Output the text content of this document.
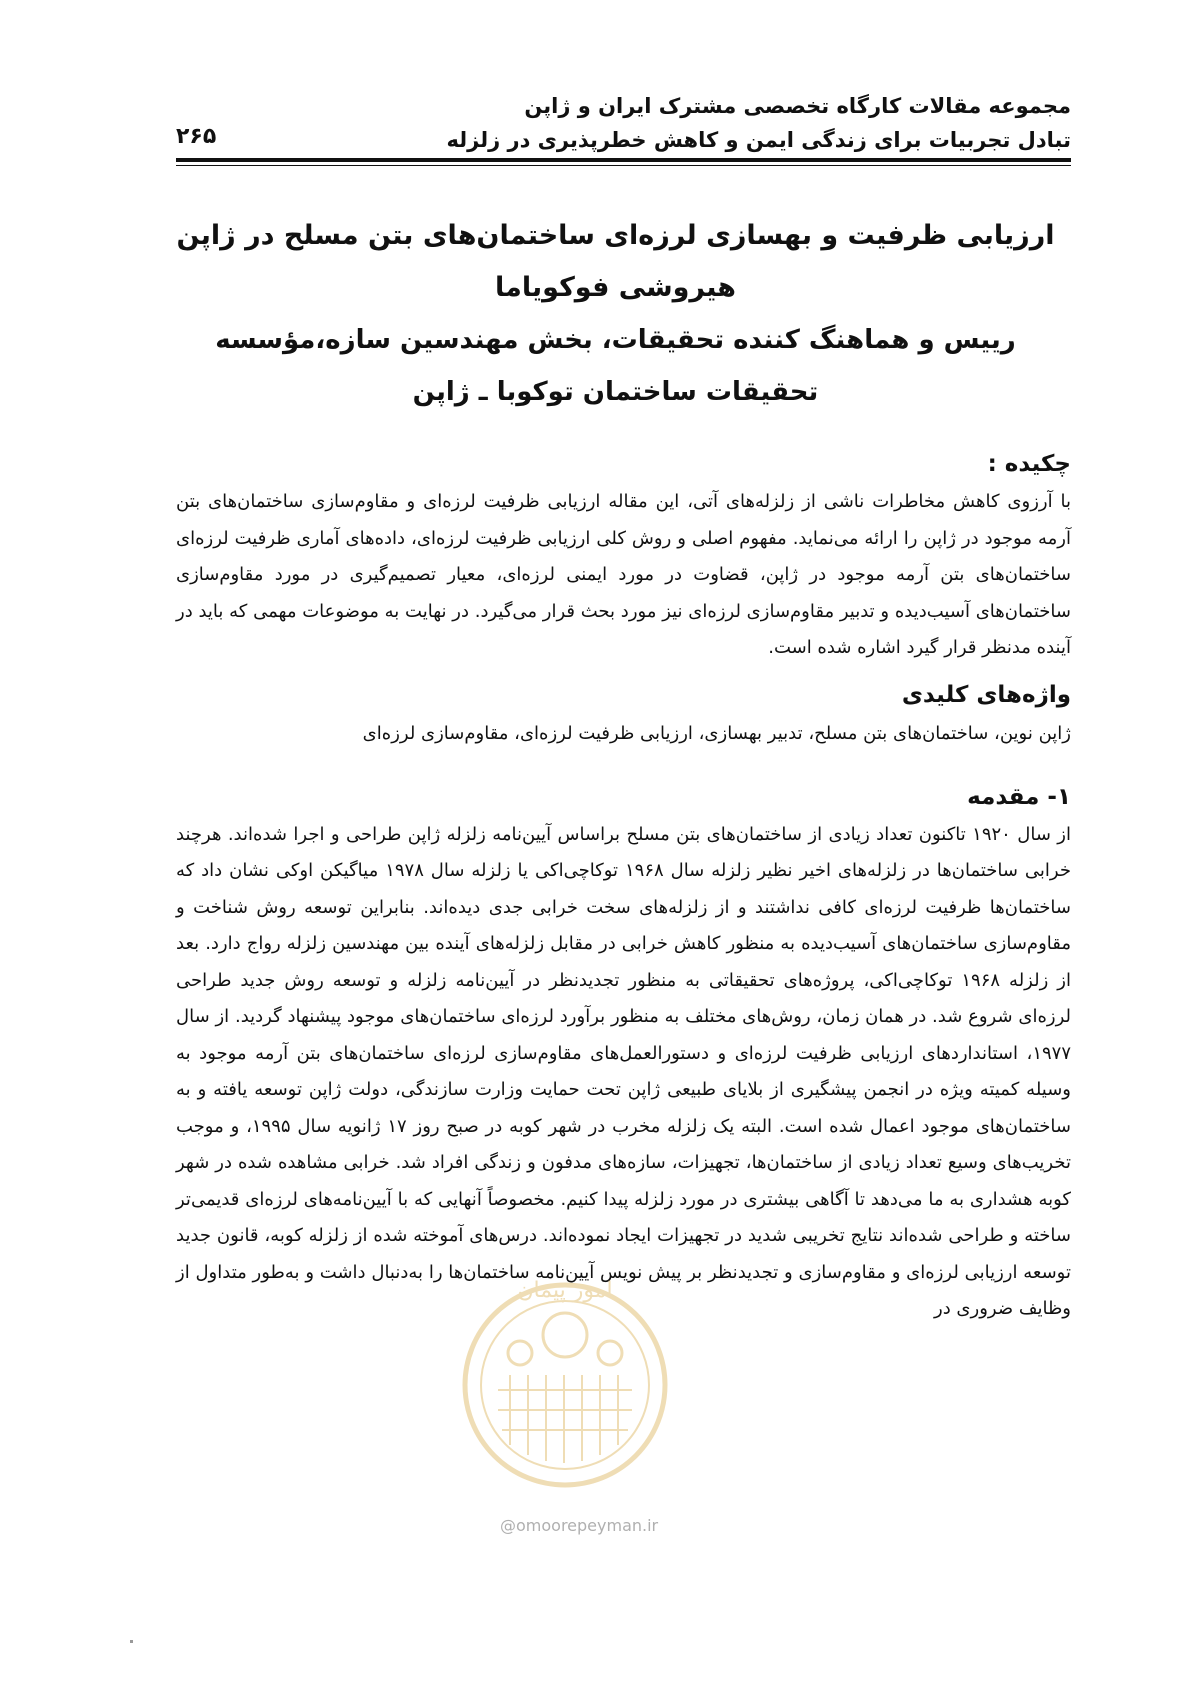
مجموعه مقالات کارگاه تخصصی مشترک ایران و ژاپن
تبادل تجربیات برای زندگی ایمن و کاهش خطرپذیری در زلزله
۲۶۵

ارزیابی ظرفیت و بهسازی لرزه‌ای ساختمان‌های بتن مسلح در ژاپن

هیروشی فوکویاما

رییس و هماهنگ کننده تحقیقات، بخش مهندسین سازه،مؤسسه تحقیقات ساختمان توکوبا ـ ژاپن

چکیده :

با آرزوی کاهش مخاطرات ناشی از زلزله‌های آتی، این مقاله ارزیابی ظرفیت لرزه‌ای و مقاوم‌سازی ساختمان‌های بتن آرمه موجود در ژاپن را ارائه می‌نماید. مفهوم اصلی و روش کلی ارزیابی ظرفیت لرزه‌ای، داده‌های آماری ظرفیت لرزه‌ای ساختمان‌های بتن آرمه موجود در ژاپن، قضاوت در مورد ایمنی لرزه‌ای، معیار تصمیم‌گیری در مورد مقاوم‌سازی ساختمان‌های آسیب‌دیده و تدبیر مقاوم‌سازی لرزه‌ای نیز مورد بحث قرار می‌گیرد. در نهایت به موضوعات مهمی که باید در آینده مدنظر قرار گیرد اشاره شده است.

واژه‌های کلیدی

ژاپن نوین، ساختمان‌های بتن مسلح، تدبیر بهسازی، ارزیابی ظرفیت لرزه‌ای، مقاوم‌سازی لرزه‌ای

۱- مقدمه

از سال ۱۹۲۰ تاکنون تعداد زیادی از ساختمان‌های بتن مسلح براساس آیین‌نامه زلزله ژاپن طراحی و اجرا شده‌اند. هرچند خرابی ساختمان‌ها در زلزله‌های اخیر نظیر زلزله سال ۱۹۶۸ توکاچی‌اکی یا زلزله سال ۱۹۷۸ میاگیکن اوکی نشان داد که ساختمان‌ها ظرفیت لرزه‌ای کافی نداشتند و از زلزله‌های سخت خرابی جدی دیده‌اند. بنابراین توسعه روش شناخت و مقاوم‌سازی ساختمان‌های آسیب‌دیده به منظور کاهش خرابی در مقابل زلزله‌های آینده بین مهندسین زلزله رواج دارد. بعد از زلزله ۱۹۶۸ توکاچی‌اکی، پروژه‌های تحقیقاتی به منظور تجدیدنظر در آیین‌نامه زلزله و توسعه روش جدید طراحی لرزه‌ای شروع شد. در همان زمان، روش‌های مختلف به منظور برآورد لرزه‌ای ساختمان‌های موجود پیشنهاد گردید. از سال ۱۹۷۷، استانداردهای ارزیابی ظرفیت لرزه‌ای و دستورالعمل‌های مقاوم‌سازی لرزه‌ای ساختمان‌های بتن آرمه موجود به وسیله کمیته ویژه در انجمن پیشگیری از بلایای طبیعی ژاپن تحت حمایت وزارت سازندگی، دولت ژاپن توسعه یافته و به ساختمان‌های موجود اعمال شده است. البته یک زلزله مخرب در شهر کوبه در صبح روز ۱۷ ژانویه سال ۱۹۹۵، و موجب تخریب‌های وسیع تعداد زیادی از ساختمان‌ها، تجهیزات، سازه‌های مدفون و زندگی افراد شد. خرابی مشاهده شده در شهر کوبه هشداری به ما می‌دهد تا آگاهی بیشتری در مورد زلزله پیدا کنیم. مخصوصاً آنهایی که با آیین‌نامه‌های لرزه‌ای قدیمی‌تر ساخته و طراحی شده‌اند نتایج تخریبی شدید در تجهیزات ایجاد نموده‌اند. درس‌های آموخته شده از زلزله کوبه، قانون جدید توسعه ارزیابی لرزه‌ای و مقاوم‌سازی و تجدیدنظر بر پیش نویس آیین‌نامه ساختمان‌ها را به‌دنبال داشت و به‌طور متداول از وظایف ضروری در

امور پیمان
@omoorepeyman.ir
